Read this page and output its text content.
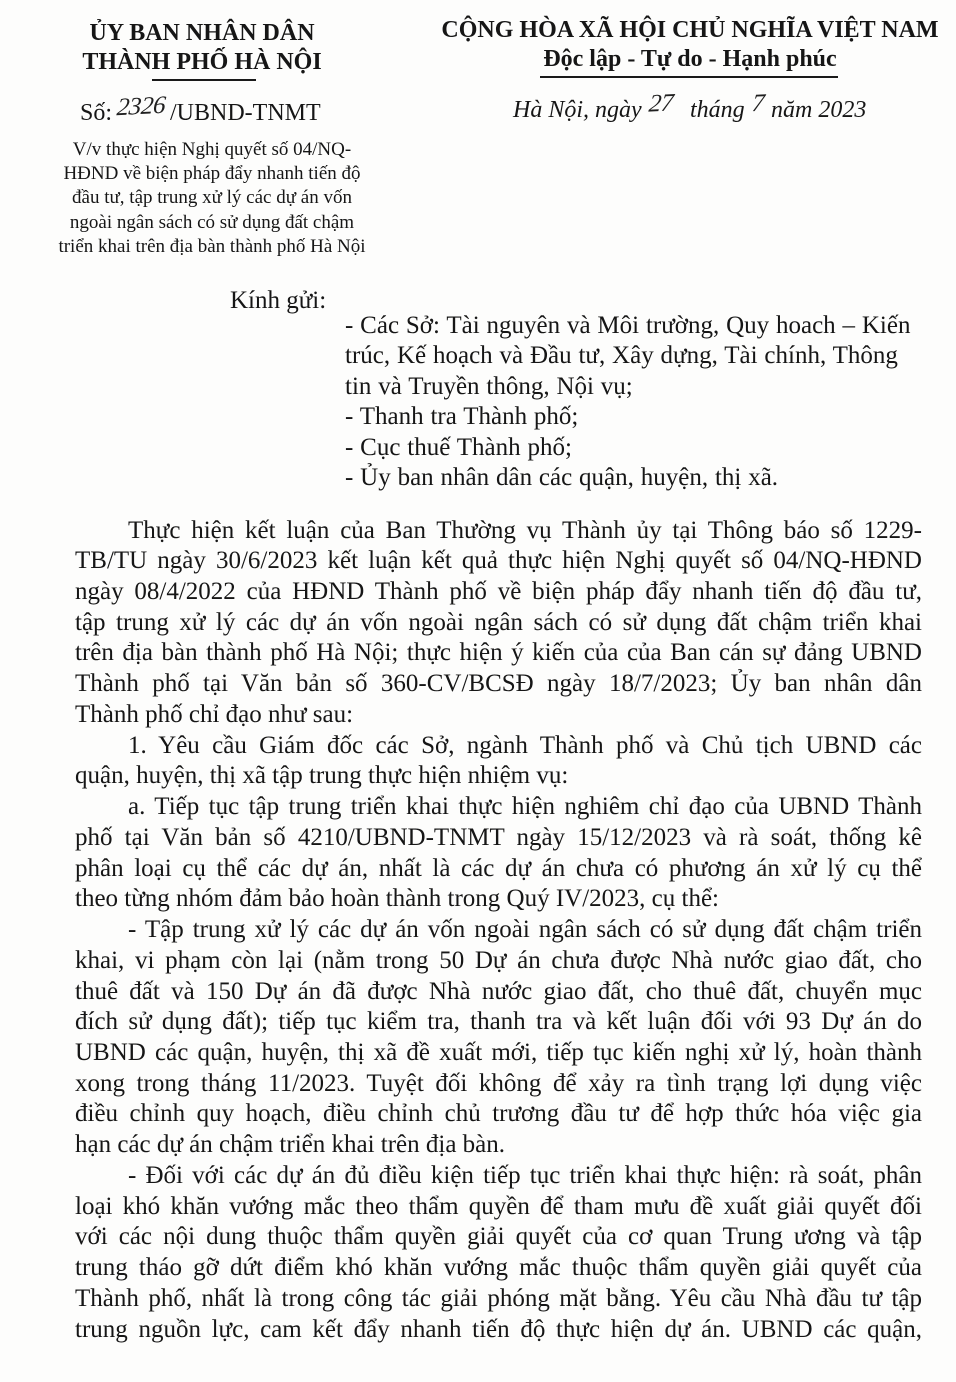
ỦY BAN NHÂN DÂN
THÀNH PHỐ HÀ NỘI
CỘNG HÒA XÃ HỘI CHỦ NGHĨA VIỆT NAM
Độc lập - Tự do - Hạnh phúc
Số: 2326 /UBND-TNMT	Hà Nội, ngày 27 tháng 7 năm 2023
V/v thực hiện Nghị quyết số 04/NQ-
HĐND về biện pháp đẩy nhanh tiến độ
đầu tư, tập trung xử lý các dự án vốn
ngoài ngân sách có sử dụng đất chậm
triển khai trên địa bàn thành phố Hà Nội
Kính gửi:
- Các Sở: Tài nguyên và Môi trường, Quy hoach – Kiến
trúc, Kế hoạch và Đầu tư, Xây dựng, Tài chính, Thông
tin và Truyền thông, Nội vụ;
- Thanh tra Thành phố;
- Cục thuế Thành phố;
- Ủy ban nhân dân các quận, huyện, thị xã.
Thực hiện kết luận của Ban Thường vụ Thành ủy tại Thông báo số 1229-
TB/TU ngày 30/6/2023 kết luận kết quả thực hiện Nghị quyết số 04/NQ-HĐND
ngày 08/4/2022 của HĐND Thành phố về biện pháp đẩy nhanh tiến độ đầu tư,
tập trung xử lý các dự án vốn ngoài ngân sách có sử dụng đất chậm triển khai
trên địa bàn thành phố Hà Nội; thực hiện ý kiến của của Ban cán sự đảng UBND
Thành phố tại Văn bản số 360-CV/BCSĐ ngày 18/7/2023; Ủy ban nhân dân
Thành phố chỉ đạo như sau:
1. Yêu cầu Giám đốc các Sở, ngành Thành phố và Chủ tịch UBND các
quận, huyện, thị xã tập trung thực hiện nhiệm vụ:
a. Tiếp tục tập trung triển khai thực hiện nghiêm chỉ đạo của UBND Thành
phố tại Văn bản số 4210/UBND-TNMT ngày 15/12/2023 và rà soát, thống kê
phân loại cụ thể các dự án, nhất là các dự án chưa có phương án xử lý cụ thể
theo từng nhóm đảm bảo hoàn thành trong Quý IV/2023, cụ thể:
- Tập trung xử lý các dự án vốn ngoài ngân sách có sử dụng đất chậm triển
khai, vi phạm còn lại (nằm trong 50 Dự án chưa được Nhà nước giao đất, cho
thuê đất và 150 Dự án đã được Nhà nước giao đất, cho thuê đất, chuyển mục
đích sử dụng đất); tiếp tục kiểm tra, thanh tra và kết luận đối với 93 Dự án do
UBND các quận, huyện, thị xã đề xuất mới, tiếp tục kiến nghị xử lý, hoàn thành
xong trong tháng 11/2023. Tuyệt đối không để xảy ra tình trạng lợi dụng việc
điều chỉnh quy hoạch, điều chỉnh chủ trương đầu tư để hợp thức hóa việc gia
hạn các dự án chậm triển khai trên địa bàn.
- Đối với các dự án đủ điều kiện tiếp tục triển khai thực hiện: rà soát, phân
loại khó khăn vướng mắc theo thẩm quyền để tham mưu đề xuất giải quyết đối
với các nội dung thuộc thẩm quyền giải quyết của cơ quan Trung ương và tập
trung tháo gỡ dứt điểm khó khăn vướng mắc thuộc thẩm quyền giải quyết của
Thành phố, nhất là trong công tác giải phóng mặt bằng. Yêu cầu Nhà đầu tư tập
trung nguồn lực, cam kết đẩy nhanh tiến độ thực hiện dự án. UBND các quận,
